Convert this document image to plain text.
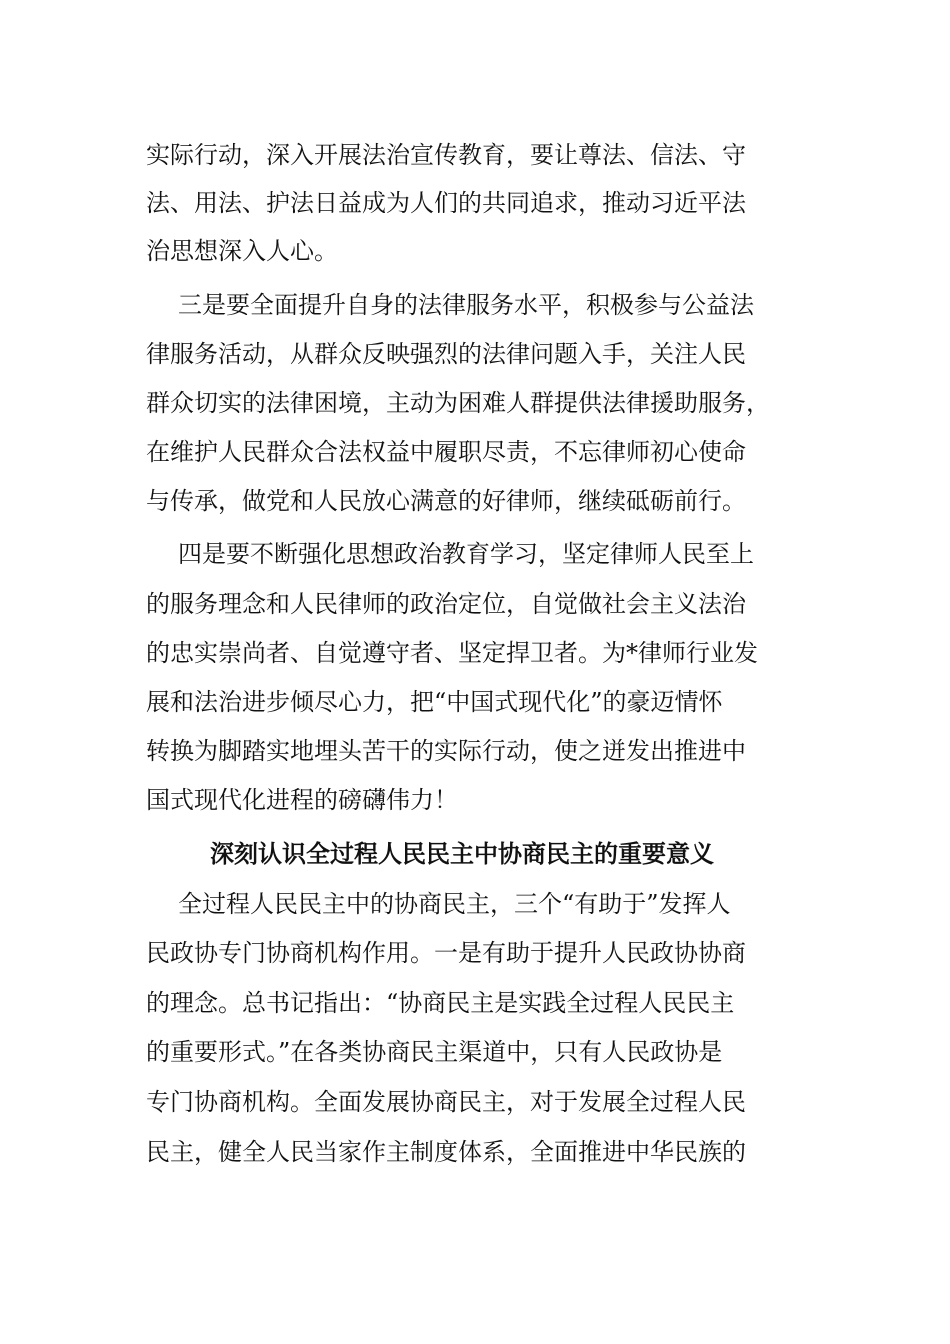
实际行动，深入开展法治宣传教育，要让尊法、信法、守
法、用法、护法日益成为人们的共同追求，推动习近平法
治思想深入人心。
三是要全面提升自身的法律服务水平，积极参与公益法
律服务活动，从群众反映强烈的法律问题入手，关注人民
群众切实的法律困境，主动为困难人群提供法律援助服务，
在维护人民群众合法权益中履职尽责，不忘律师初心使命
与传承，做党和人民放心满意的好律师，继续砥砺前行。
四是要不断强化思想政治教育学习，坚定律师人民至上
的服务理念和人民律师的政治定位，自觉做社会主义法治
的忠实崇尚者、自觉遵守者、坚定捍卫者。为*律师行业发
展和法治进步倾尽心力，把“中国式现代化”的豪迈情怀
转换为脚踏实地埋头苦干的实际行动，使之迸发出推进中
国式现代化进程的磅礴伟力！
深刻认识全过程人民民主中协商民主的重要意义
全过程人民民主中的协商民主，三个“有助于”发挥人
民政协专门协商机构作用。一是有助于提升人民政协协商
的理念。总书记指出：“协商民主是实践全过程人民民主
的重要形式。”在各类协商民主渠道中，只有人民政协是
专门协商机构。全面发展协商民主，对于发展全过程人民
民主，健全人民当家作主制度体系，全面推进中华民族的
